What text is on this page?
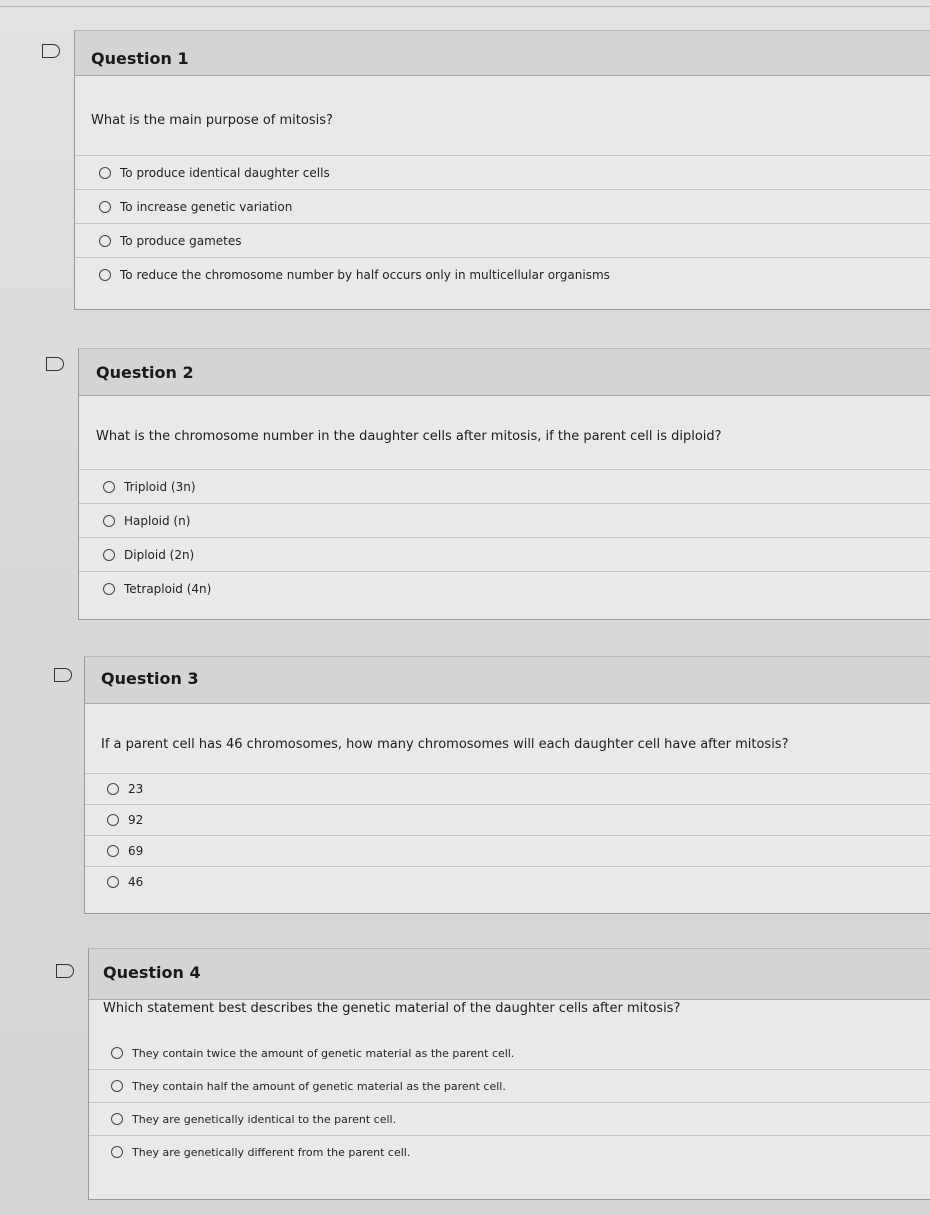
Question 1
What is the main purpose of mitosis?
To produce identical daughter cells
To increase genetic variation
To produce gametes
To reduce the chromosome number by half occurs only in multicellular organisms
Question 2
What is the chromosome number in the daughter cells after mitosis, if the parent cell is diploid?
Triploid (3n)
Haploid (n)
Diploid (2n)
Tetraploid (4n)
Question 3
If a parent cell has 46 chromosomes, how many chromosomes will each daughter cell have after mitosis?
23
92
69
46
Question 4
Which statement best describes the genetic material of the daughter cells after mitosis?
They contain twice the amount of genetic material as the parent cell.
They contain half the amount of genetic material as the parent cell.
They are genetically identical to the parent cell.
They are genetically different from the parent cell.
